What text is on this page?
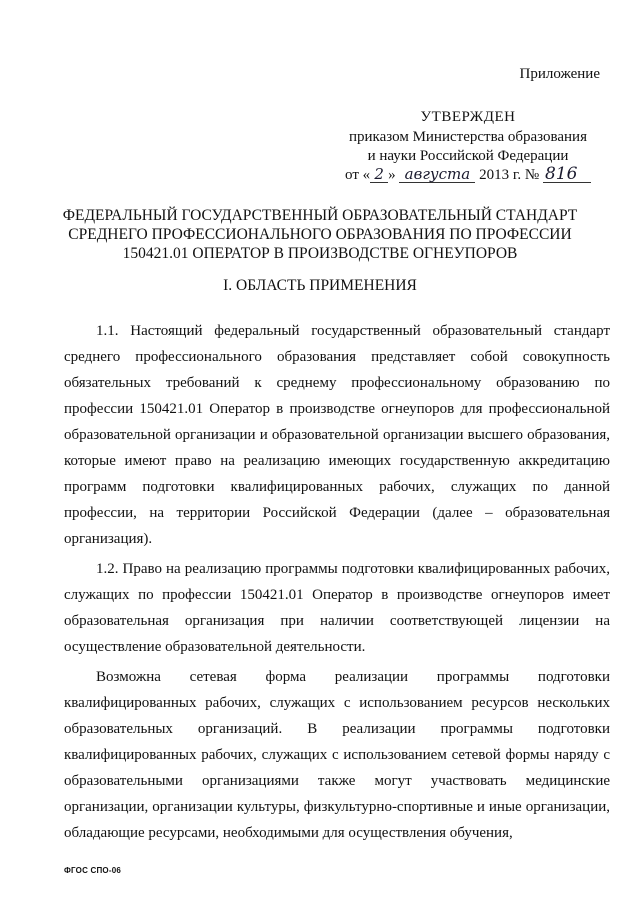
Приложение
УТВЕРЖДЕН
приказом Министерства образования
и науки Российской Федерации
от « 2 » августа 2013 г. № 816
ФЕДЕРАЛЬНЫЙ ГОСУДАРСТВЕННЫЙ ОБРАЗОВАТЕЛЬНЫЙ СТАНДАРТ
СРЕДНЕГО ПРОФЕССИОНАЛЬНОГО ОБРАЗОВАНИЯ ПО ПРОФЕССИИ
150421.01 ОПЕРАТОР В ПРОИЗВОДСТВЕ ОГНЕУПОРОВ
I. ОБЛАСТЬ ПРИМЕНЕНИЯ

1.1. Настоящий федеральный государственный образовательный стандарт среднего профессионального образования представляет собой совокупность обязательных требований к среднему профессиональному образованию по профессии 150421.01 Оператор в производстве огнеупоров для профессиональной образовательной организации и образовательной организации высшего образования, которые имеют право на реализацию имеющих государственную аккредитацию программ подготовки квалифицированных рабочих, служащих по данной профессии, на территории Российской Федерации (далее – образовательная организация).

1.2. Право на реализацию программы подготовки квалифицированных рабочих, служащих по профессии 150421.01 Оператор в производстве огнеупоров имеет образовательная организация при наличии соответствующей лицензии на осуществление образовательной деятельности.

Возможна сетевая форма реализации программы подготовки квалифицированных рабочих, служащих с использованием ресурсов нескольких образовательных организаций. В реализации программы подготовки квалифицированных рабочих, служащих с использованием сетевой формы наряду с образовательными организациями также могут участвовать медицинские организации, организации культуры, физкультурно-спортивные и иные организации, обладающие ресурсами, необходимыми для осуществления обучения,

ФГОС СПО-06
